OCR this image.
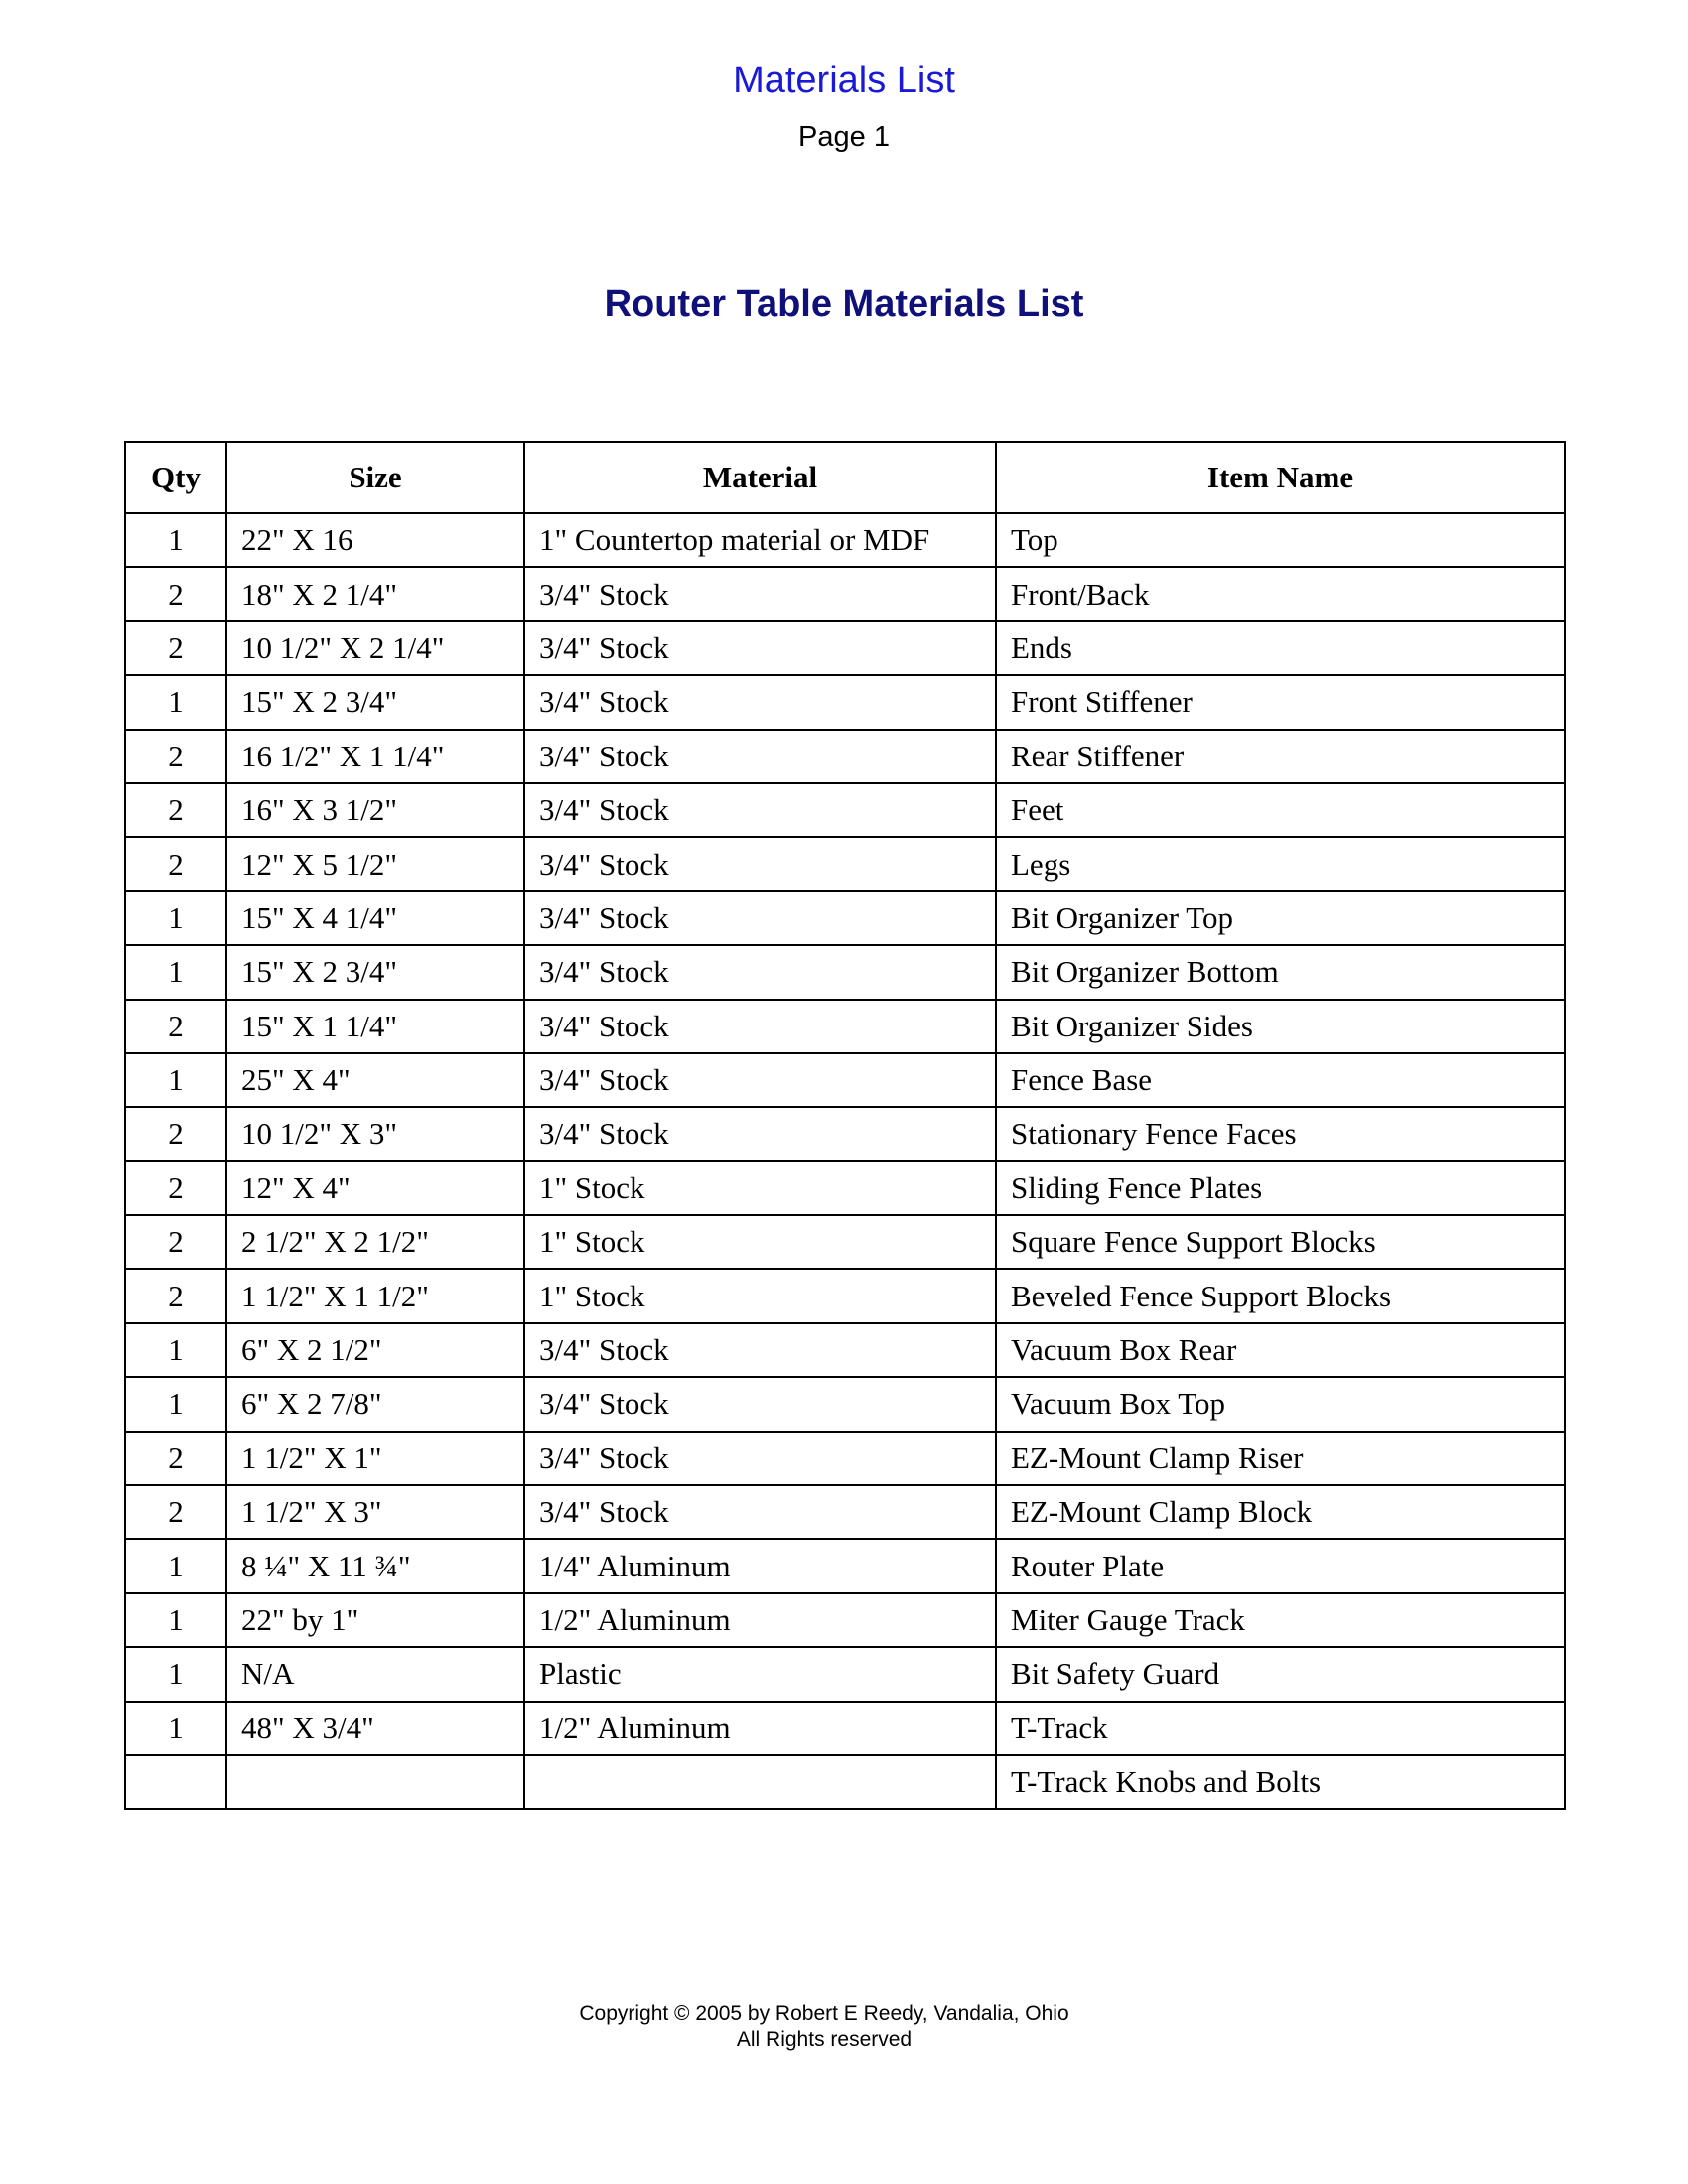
Materials List
Page 1
Router Table Materials List
Qty	Size	Material	Item Name
1	22" X 16	1" Countertop material or MDF	Top
2	18" X 2 1/4"	3/4" Stock	Front/Back
2	10 1/2" X 2 1/4"	3/4" Stock	Ends
1	15" X 2 3/4"	3/4" Stock	Front Stiffener
2	16 1/2" X 1 1/4"	3/4" Stock	Rear Stiffener
2	16" X 3 1/2"	3/4" Stock	Feet
2	12" X 5 1/2"	3/4" Stock	Legs
1	15" X 4 1/4"	3/4" Stock	Bit Organizer Top
1	15" X 2 3/4"	3/4" Stock	Bit Organizer Bottom
2	15" X 1 1/4"	3/4" Stock	Bit Organizer Sides
1	25" X 4"	3/4" Stock	Fence Base
2	10 1/2" X 3"	3/4" Stock	Stationary Fence Faces
2	12" X 4"	1" Stock	Sliding Fence Plates
2	2 1/2" X 2 1/2"	1" Stock	Square Fence Support Blocks
2	1 1/2" X 1 1/2"	1" Stock	Beveled Fence Support Blocks
1	6" X 2 1/2"	3/4" Stock	Vacuum Box Rear
1	6" X 2 7/8"	3/4" Stock	Vacuum Box Top
2	1 1/2" X 1"	3/4" Stock	EZ-Mount Clamp Riser
2	1 1/2" X 3"	3/4" Stock	EZ-Mount Clamp Block
1	8 ¼" X 11 ¾"	1/4" Aluminum	Router Plate
1	22" by 1"	1/2" Aluminum	Miter Gauge Track
1	N/A	Plastic	Bit Safety Guard
1	48" X 3/4"	1/2" Aluminum	T-Track
			T-Track Knobs and Bolts
Copyright © 2005 by Robert E Reedy, Vandalia, Ohio
All Rights reserved
